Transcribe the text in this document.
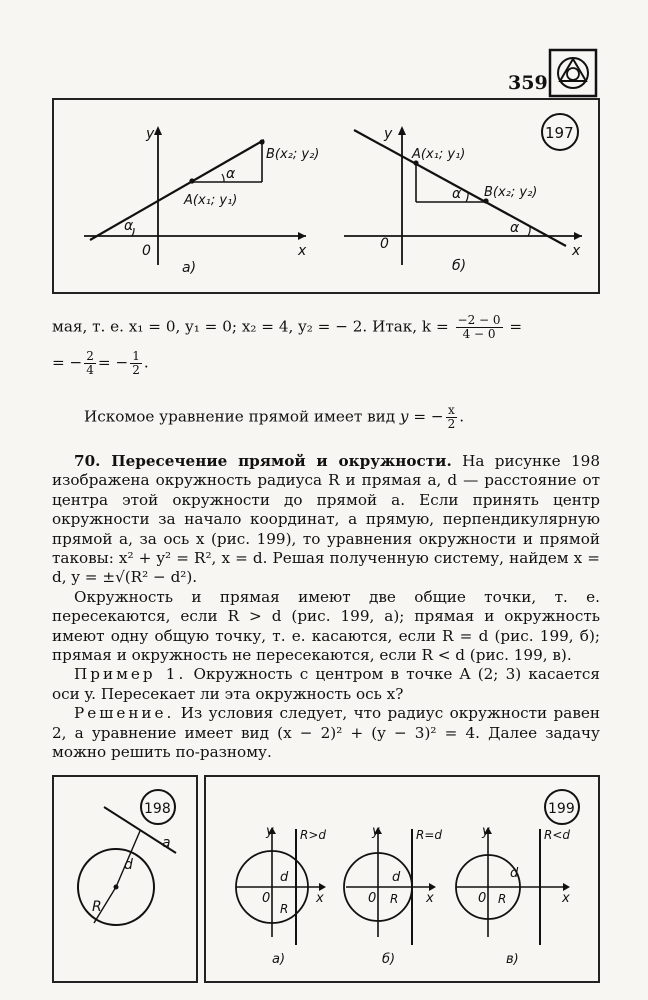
359
α
α
A(x₁; y₁)
B(x₂; y₂)
y
x
0
a)
α
α
A(x₁; y₁)
B(x₂; y₂)
y
x
0
б)
197
мая, т. е. x₁ = 0, y₁ = 0; x₂ = 4, y₂ = − 2. Итак, $k = \frac{-2 - 0}{4 - 0}$ =
= − $\frac{2}{4}$ = − $\frac{1}{2}$ .
Искомое уравнение прямой имеет вид y = − $\frac{x}{2}$ .

70. Пересечение прямой и окружности. На рисунке 198 изображена окружность радиуса R и прямая a, d — расстояние от центра этой окружности до прямой a. Если принять центр окружности за начало координат, а прямую, перпендикулярную прямой a, за ось x (рис. 199), то уравнения окружности и прямой таковы: x² + y² = R², x = d. Решая полученную систему, найдем x = d, y = ±√(R² − d²).

Окружность и прямая имеют две общие точки, т. е. пересекаются, если R > d (рис. 199, а); прямая и окружность имеют одну общую точку, т. е. касаются, если R = d (рис. 199, б); прямая и окружность не пересекаются, если R < d (рис. 199, в).

Пример 1. Окружность с центром в точке A (2; 3) касается оси y. Пересекает ли эта окружность ось x?

Решение. Из условия следует, что радиус окружности равен 2, а уравнение имеет вид (x − 2)² + (y − 3)² = 4. Далее задачу можно решить по-разному.

a
d
R
198
y
x
0
d
R
R>d
a)
y
x
0
d
R
R=d
б)
y
x
0
d
R
R<d
в)
199
